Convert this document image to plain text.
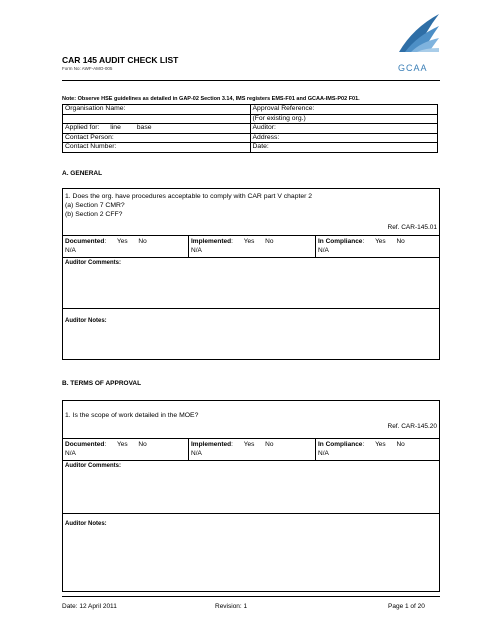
CAR 145 AUDIT CHECK LIST
Form No: AWF-AMO-005	GCAA
Note: Observe HSE guidelines as detailed in GAP-02 Section 3.14, IMS registers EMS-F01 and GCAA-IMS-P02 F01.
Organisation Name:	Approval Reference:
	(For existing org.)
Applied for: line base	Auditor:
Contact Person:	Address:
Contact Number:	Date:
A. GENERAL
1. Does the org. have procedures acceptable to comply with CAR part V chapter 2
(a) Section 7 CMR?
(b) Section 2 CFF?
Ref. CAR-145.01
Documented: Yes No
N/A
Implemented: Yes No
N/A
In Compliance: Yes No
N/A
Auditor Comments:
Auditor Notes:
B. TERMS OF APPROVAL
1. Is the scope of work detailed in the MOE?
Ref. CAR-145.20
Documented: Yes No
N/A
Implemented: Yes No
N/A
In Compliance: Yes No
N/A
Auditor Comments:
Auditor Notes:
Date: 12 April 2011	Revision: 1	Page 1 of 20
